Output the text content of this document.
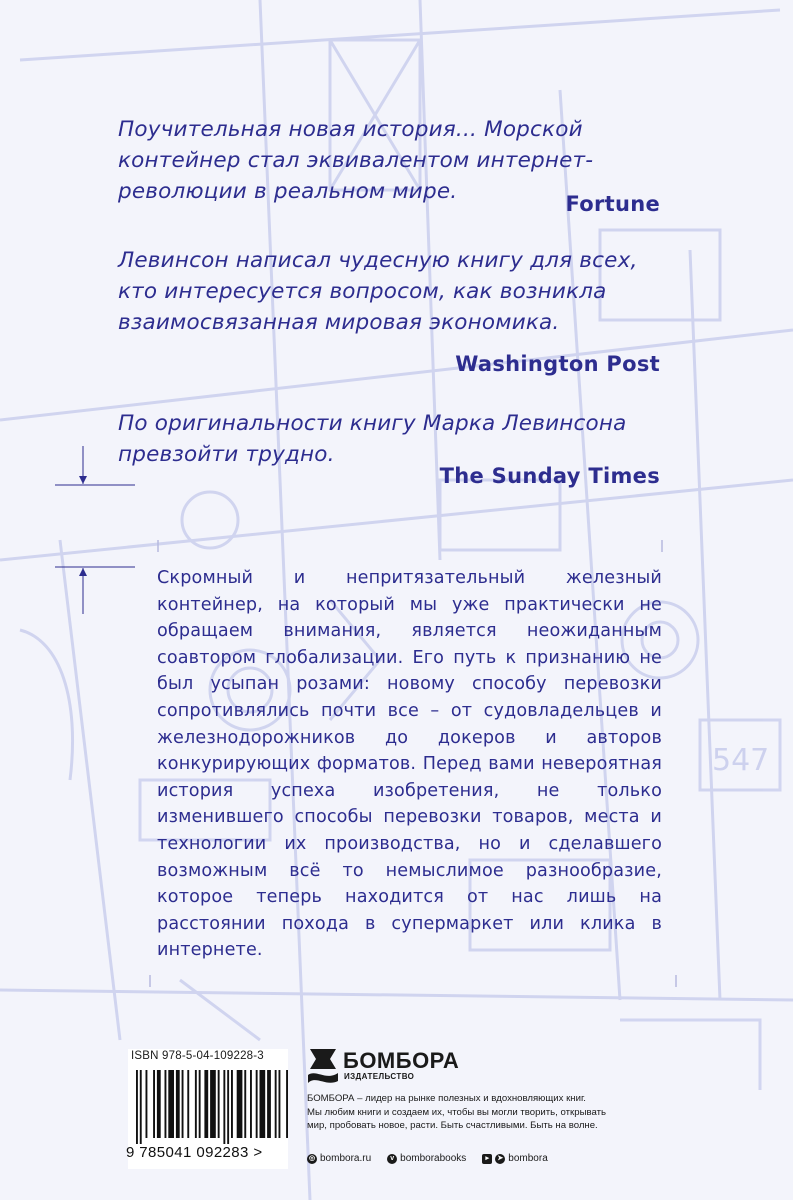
547
Поучительная новая история... Морской контейнер стал эквивалентом интернет-революции в реальном мире.	Fortune
Левинсон написал чудесную книгу для всех, кто интересуется вопросом, как возникла взаимосвязанная мировая экономика.
Washington Post
По оригинальности книгу Марка Левинсона превзойти трудно.
The Sunday Times
Скромный и непритязательный железный контейнер, на который мы уже практически не обращаем внимания, является неожиданным соавтором глобализации. Его путь к признанию не был усыпан розами: новому способу перевозки сопротивлялись почти все – от судовладельцев и железнодорожников до докеров и авторов конкурирующих форматов. Перед вами невероятная история успеха изобретения, не только изменившего способы перевозки товаров, места и технологии их производства, но и сделавшего возможным всё то немыслимое разнообразие, которое теперь находится от нас лишь на расстоянии похода в супермаркет или клика в интернете.
ISBN 978-5-04-109228-3
9 785041 092283 >
БОМБОРА
ИЗДАТЕЛЬСТВО
БОМБОРА – лидер на рынке полезных и вдохновляющих книг.
Мы любим книги и создаем их, чтобы вы могли творить, открывать
мир, пробовать новое, расти. Быть счастливыми. Быть на волне.
◎ bombora.ru	v bomborabooks	▸	➤ bombora
